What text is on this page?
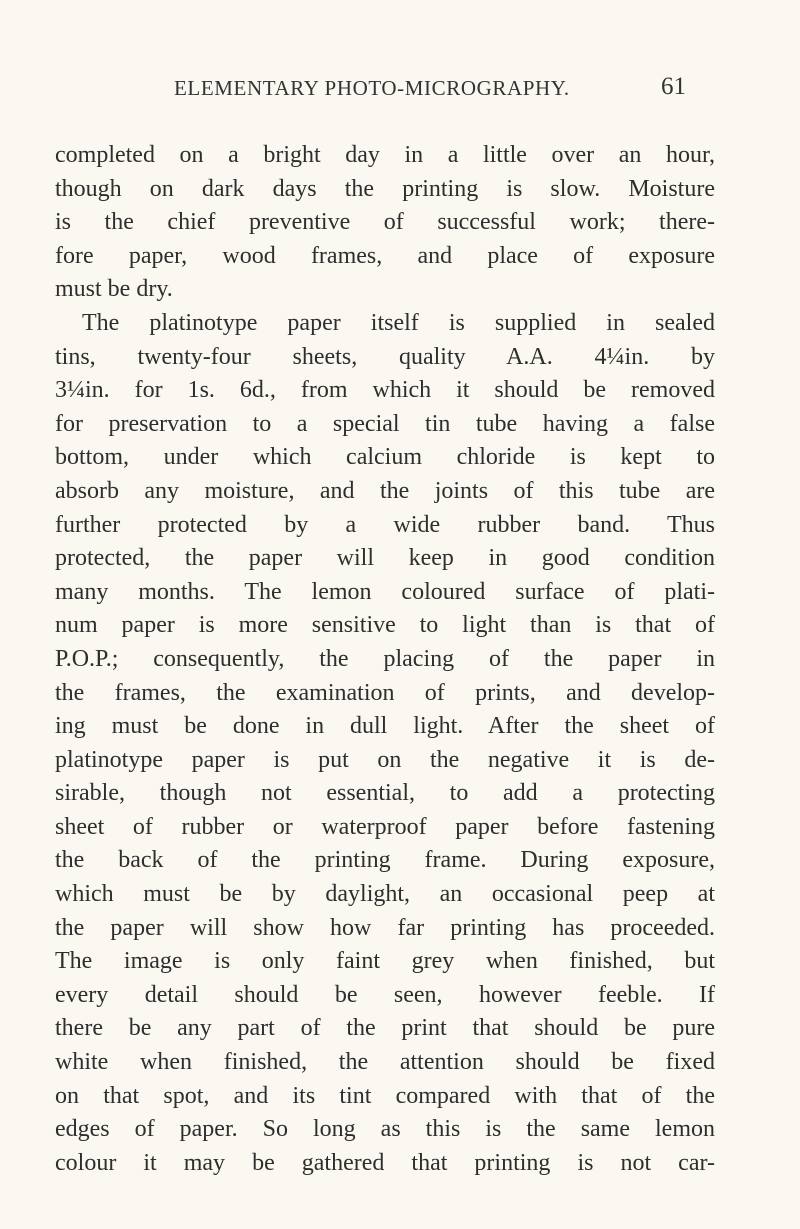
ELEMENTARY PHOTO-MICROGRAPHY.	61
completed on a bright day in a little over an hour,
though on dark days the printing is slow. Moisture
is the chief preventive of successful work; there-
fore paper, wood frames, and place of exposure
must be dry.
The platinotype paper itself is supplied in sealed
tins, twenty-four sheets, quality A.A. 4¼in. by
3¼in. for 1s. 6d., from which it should be removed
for preservation to a special tin tube having a false
bottom, under which calcium chloride is kept to
absorb any moisture, and the joints of this tube are
further protected by a wide rubber band. Thus
protected, the paper will keep in good condition
many months. The lemon coloured surface of plati-
num paper is more sensitive to light than is that of
P.O.P.; consequently, the placing of the paper in
the frames, the examination of prints, and develop-
ing must be done in dull light. After the sheet of
platinotype paper is put on the negative it is de-
sirable, though not essential, to add a protecting
sheet of rubber or waterproof paper before fastening
the back of the printing frame. During exposure,
which must be by daylight, an occasional peep at
the paper will show how far printing has proceeded.
The image is only faint grey when finished, but
every detail should be seen, however feeble. If
there be any part of the print that should be pure
white when finished, the attention should be fixed
on that spot, and its tint compared with that of the
edges of paper. So long as this is the same lemon
colour it may be gathered that printing is not car-
